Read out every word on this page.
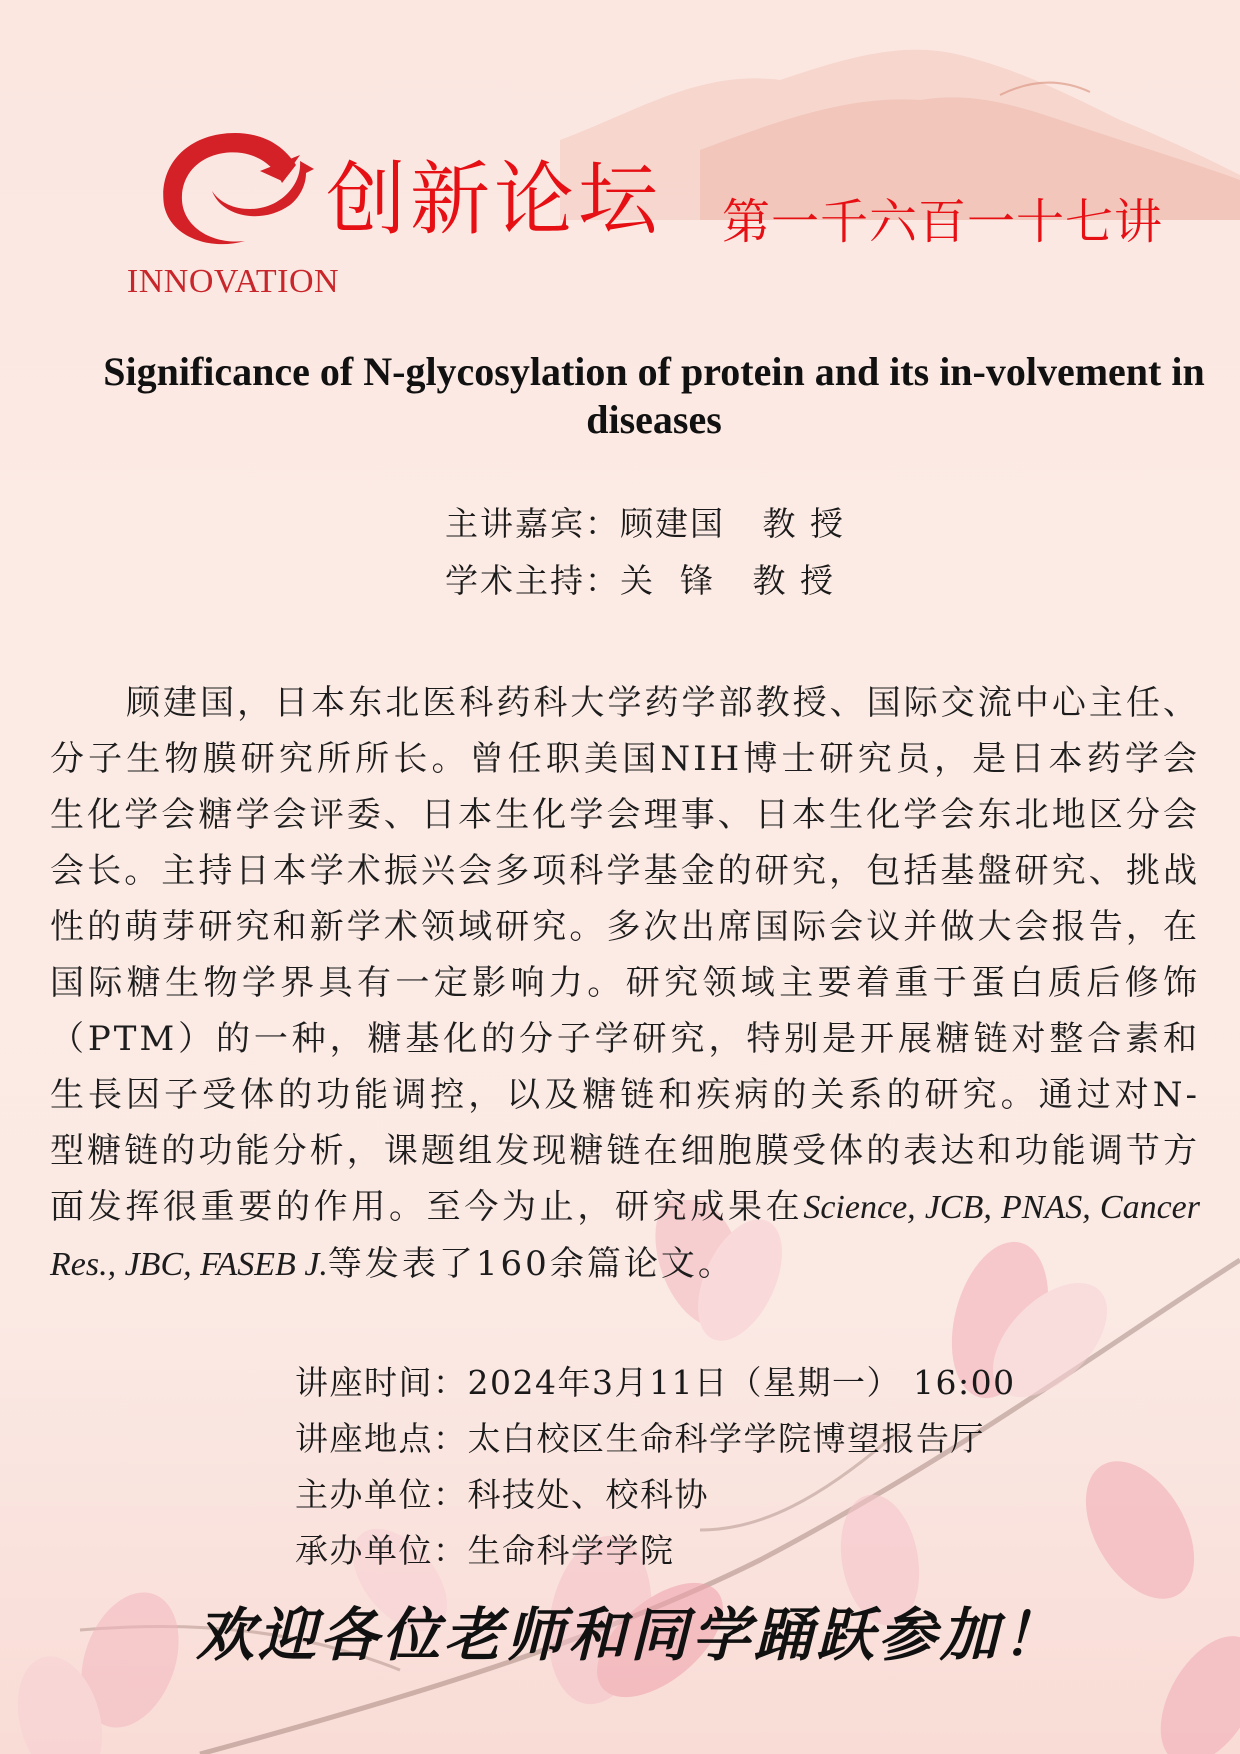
INNOVATION
创新论坛 第一千六百一十七讲
Significance of N-glycosylation of protein and its in-volvement in diseases
主讲嘉宾：顾建国 教 授
学术主持：关  锋 教 授
顾建国，日本东北医科药科大学药学部教授、国际交流中心主任、分子生物膜研究所所长。曾任职美国NIH博士研究员，是日本药学会生化学会糖学会评委、日本生化学会理事、日本生化学会东北地区分会会长。主持日本学术振兴会多项科学基金的研究，包括基盤研究、挑战性的萌芽研究和新学术领域研究。多次出席国际会议并做大会报告，在国际糖生物学界具有一定影响力。研究领域主要着重于蛋白质后修饰（PTM）的一种，糖基化的分子学研究，特别是开展糖链对整合素和生長因子受体的功能调控，以及糖链和疾病的关系的研究。通过对N-型糖链的功能分析，课题组发现糖链在细胞膜受体的表达和功能调节方面发挥很重要的作用。至今为止，研究成果在Science, JCB, PNAS, Cancer Res., JBC, FASEB J.等发表了160余篇论文。
讲座时间：2024年3月11日（星期一） 16:00
讲座地点：太白校区生命科学学院博望报告厅
主办单位：科技处、校科协
承办单位：生命科学学院
欢迎各位老师和同学踊跃参加！
